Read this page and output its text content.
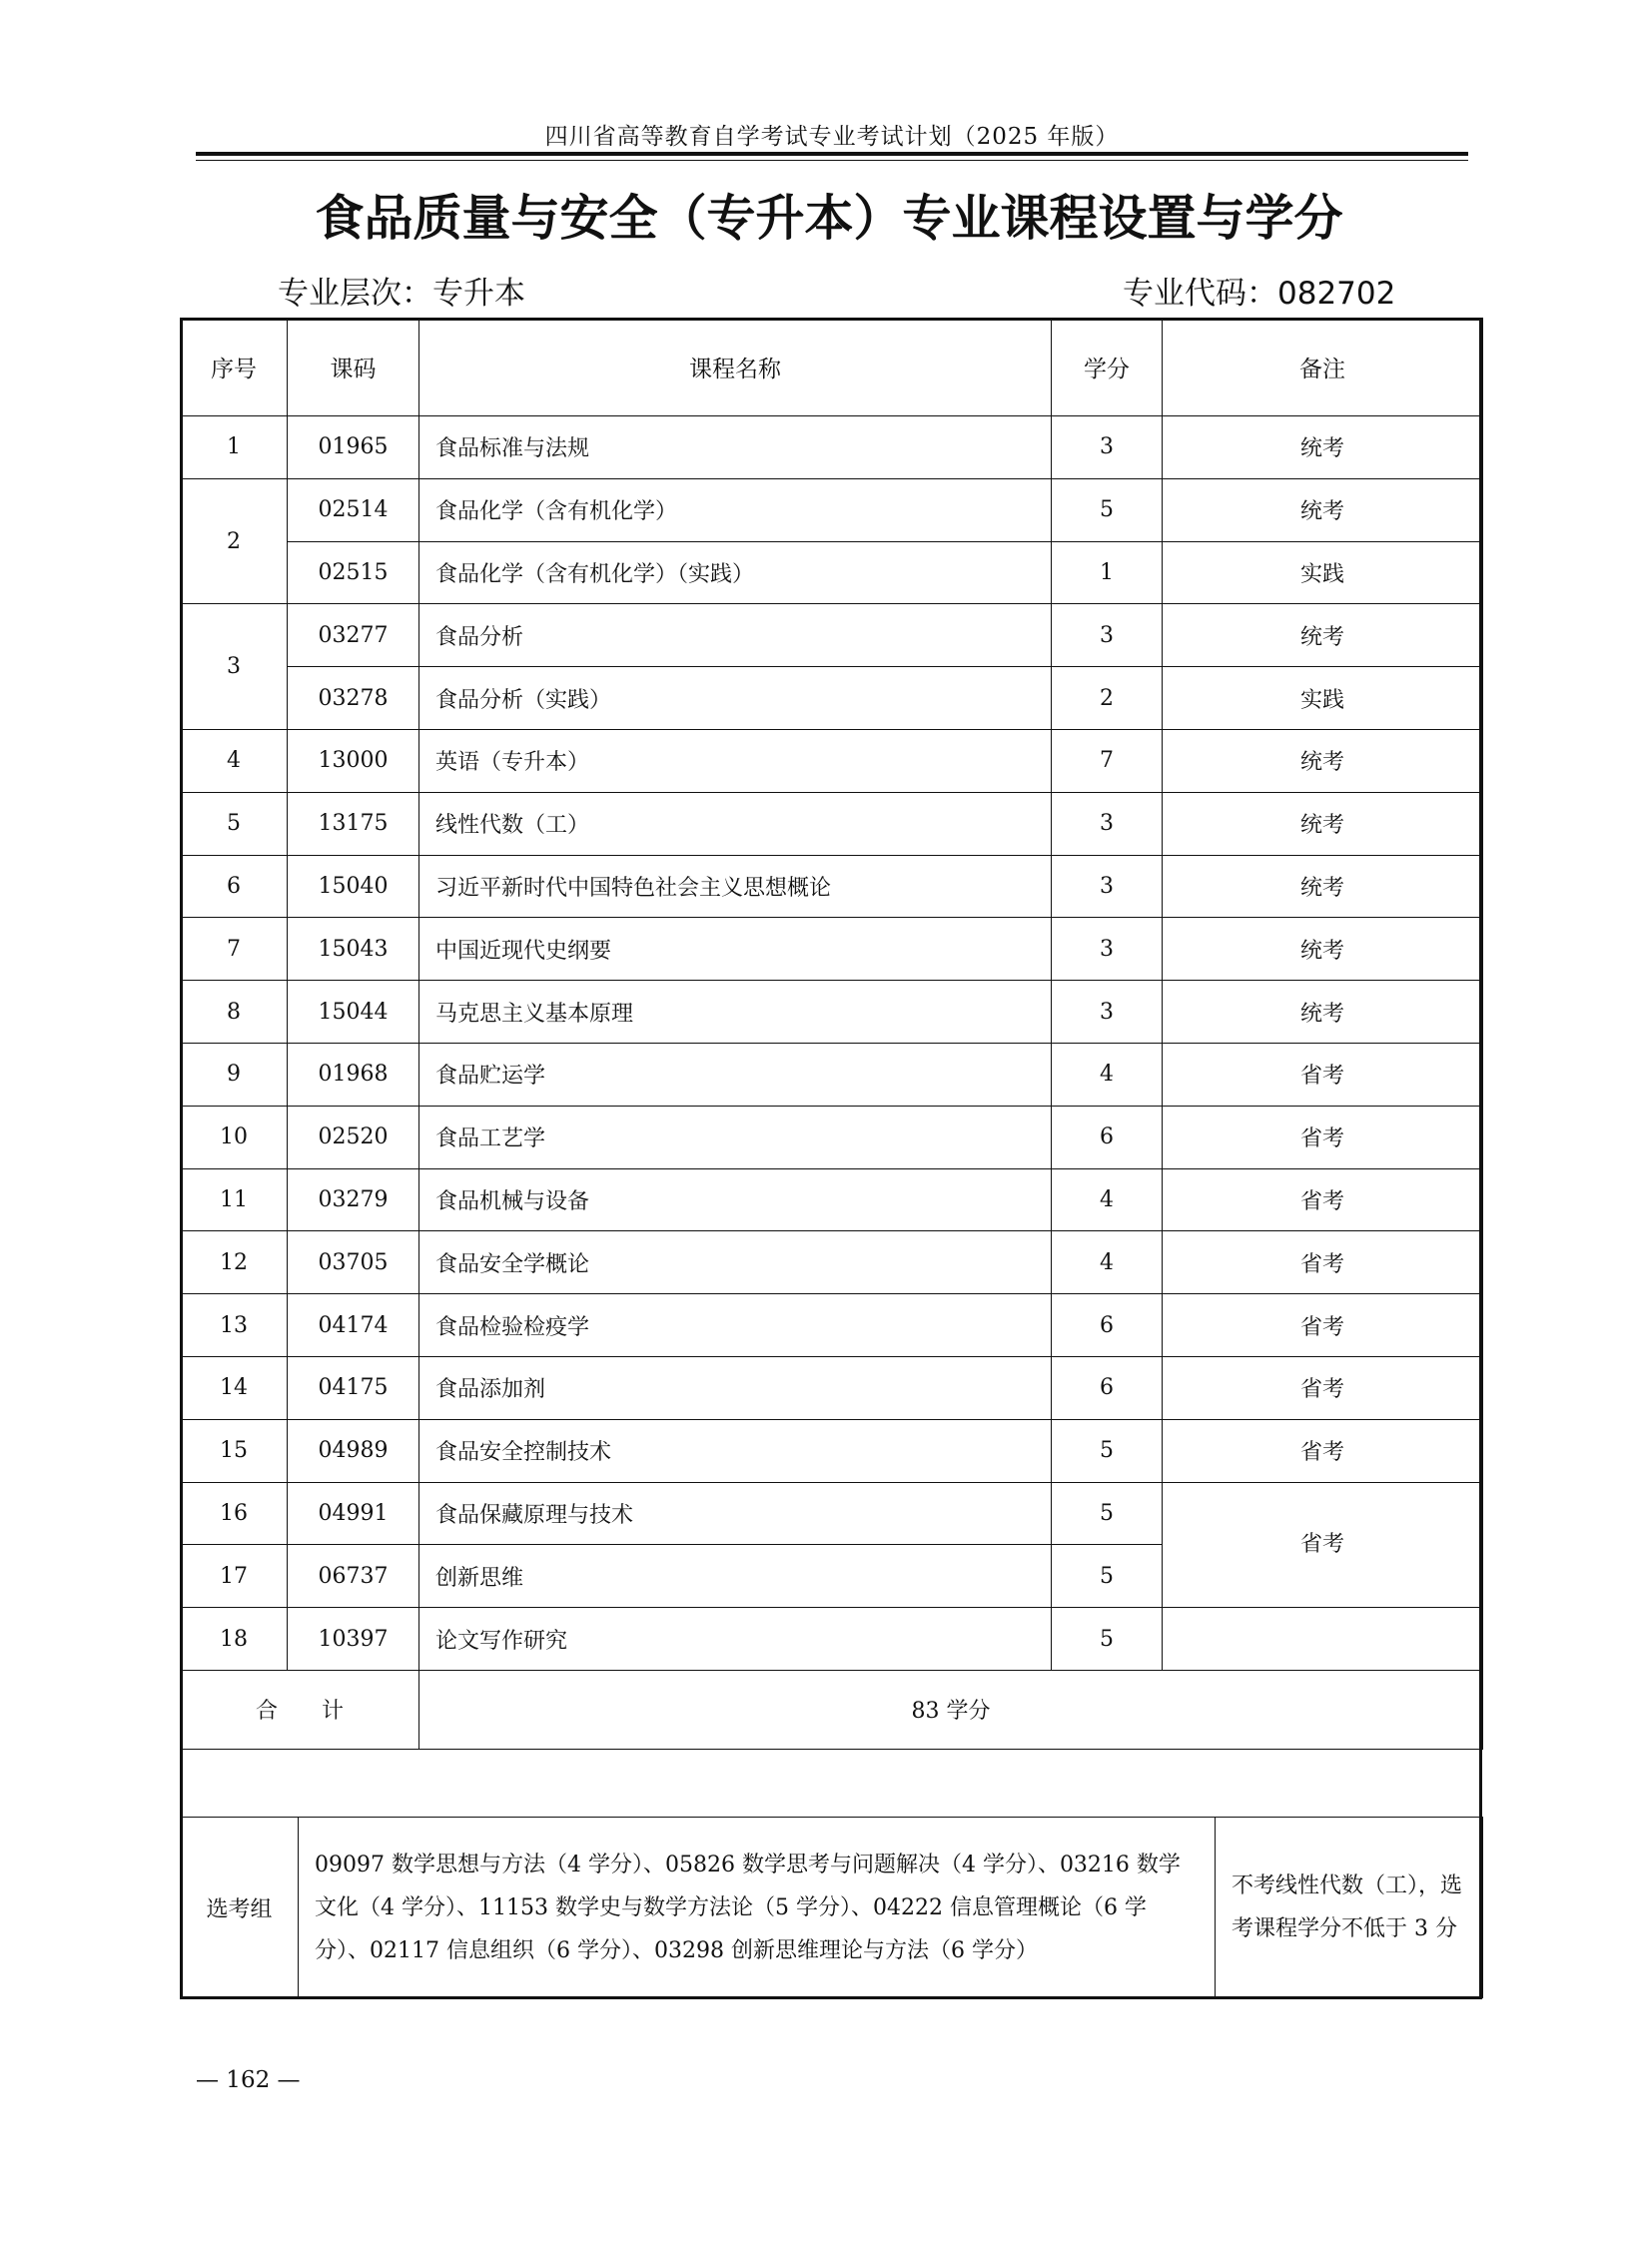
四川省高等教育自学考试专业考试计划（2025 年版）
食品质量与安全（专升本）专业课程设置与学分
专业层次：专升本	专业代码：082702
序号	课码	课程名称	学分	备注
1	01965	食品标准与法规	3	统考
2	02514	食品化学（含有机化学）	5	统考
	02515	食品化学（含有机化学）（实践）	1	实践
3	03277	食品分析	3	统考
	03278	食品分析（实践）	2	实践
4	13000	英语（专升本）	7	统考
5	13175	线性代数（工）	3	统考
6	15040	习近平新时代中国特色社会主义思想概论	3	统考
7	15043	中国近现代史纲要	3	统考
8	15044	马克思主义基本原理	3	统考
9	01968	食品贮运学	4	省考
10	02520	食品工艺学	6	省考
11	03279	食品机械与设备	4	省考
12	03705	食品安全学概论	4	省考
13	04174	食品检验检疫学	6	省考
14	04175	食品添加剂	6	省考
15	04989	食品安全控制技术	5	省考
16	04991	食品保藏原理与技术	5	省考
17	06737	创新思维	5	
18	10397	论文写作研究	5	
合　　计		83 学分		
选考组	09097 数学思想与方法（4 学分）、05826 数学思考与问题解决（4 学分）、03216 数学文化（4 学分）、11153 数学史与数学方法论（5 学分）、04222 信息管理概论（6 学分）、02117 信息组织（6 学分）、03298 创新思维理论与方法（6 学分）	不考线性代数（工），选考课程学分不低于 3 分
— 162 —
